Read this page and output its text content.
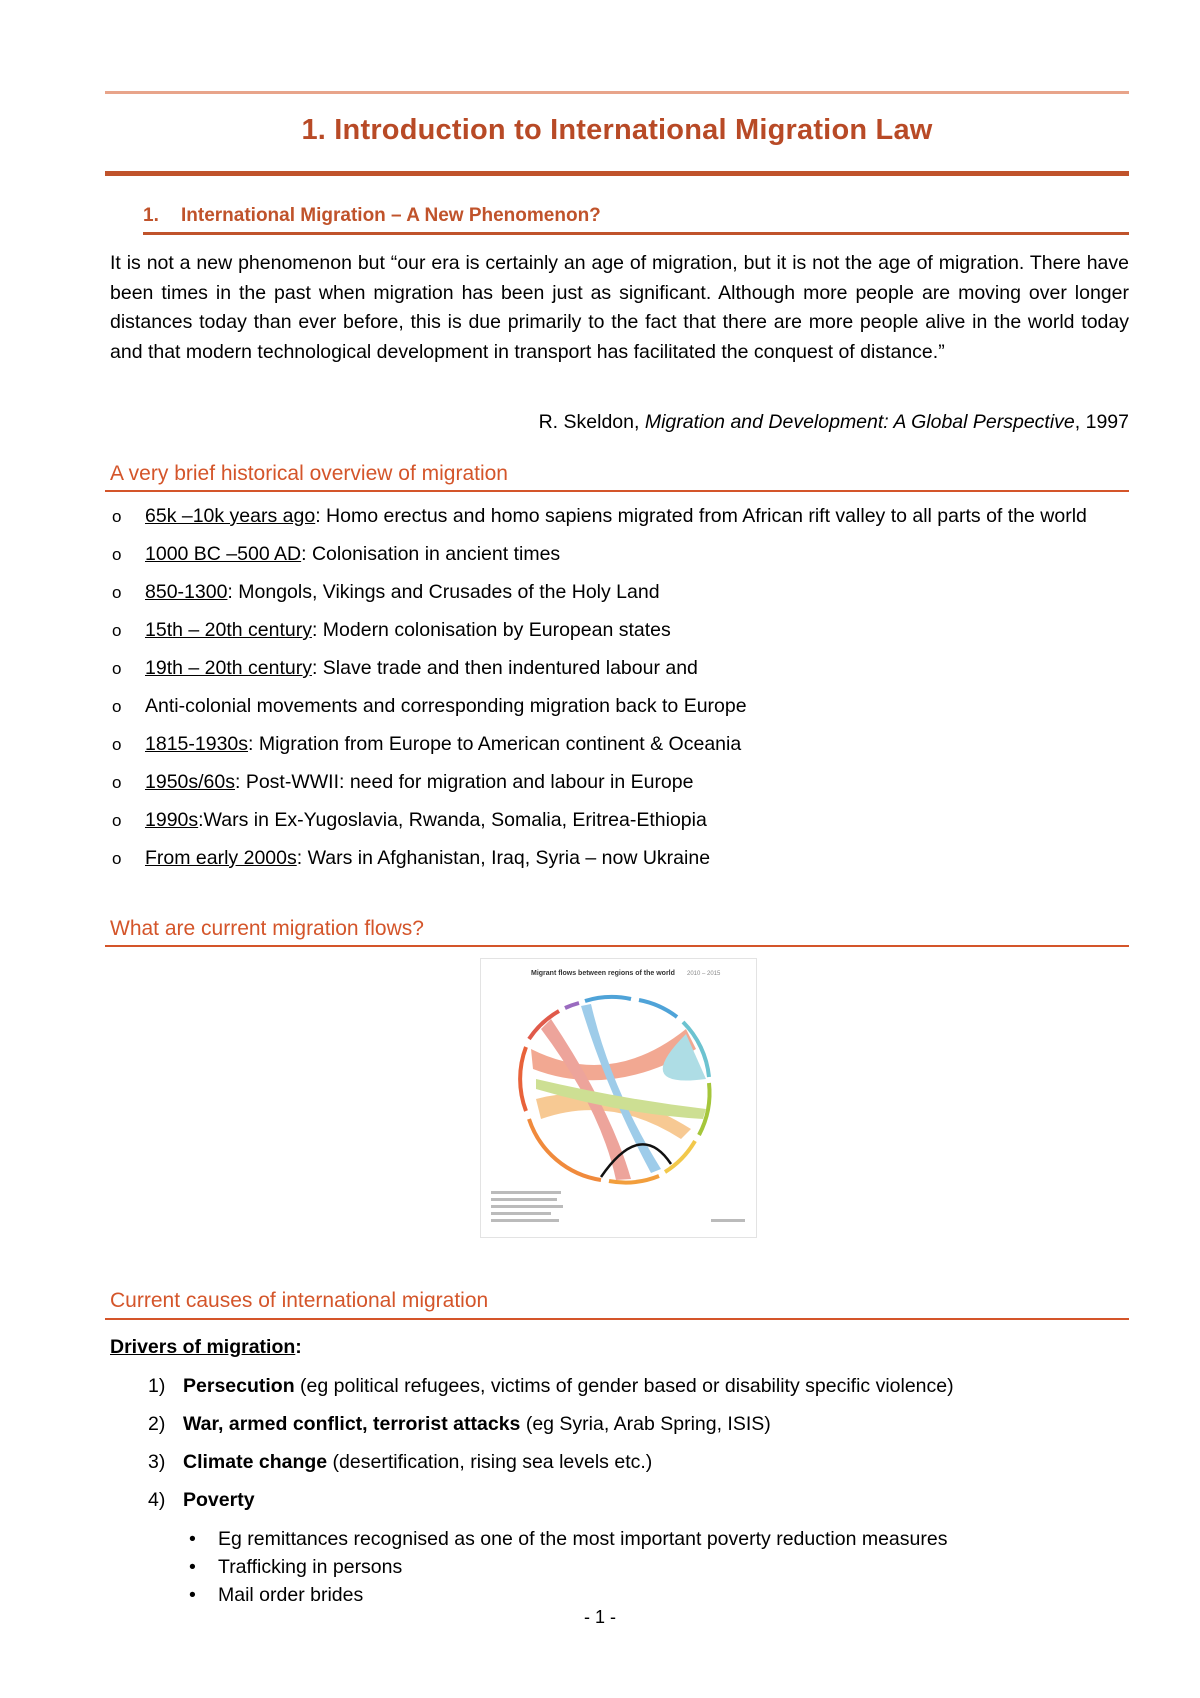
1. Introduction to International Migration Law
1. International Migration – A New Phenomenon?
It is not a new phenomenon but “our era is certainly an age of migration, but it is not the age of migration. There have been times in the past when migration has been just as significant. Although more people are moving over longer distances today than ever before, this is due primarily to the fact that there are more people alive in the world today and that modern technological development in transport has facilitated the conquest of distance.”
R. Skeldon, Migration and Development: A Global Perspective, 1997
A very brief historical overview of migration
o 65k –10k years ago: Homo erectus and homo sapiens migrated from African rift valley to all parts of the world
o 1000 BC –500 AD: Colonisation in ancient times
o 850-1300: Mongols, Vikings and Crusades of the Holy Land
o 15th – 20th century: Modern colonisation by European states
o 19th – 20th century: Slave trade and then indentured labour and
o Anti-colonial movements and corresponding migration back to Europe
o 1815-1930s: Migration from Europe to American continent & Oceania
o 1950s/60s: Post-WWII: need for migration and labour in Europe
o 1990s:Wars in Ex-Yugoslavia, Rwanda, Somalia, Eritrea-Ethiopia
o From early 2000s: Wars in Afghanistan, Iraq, Syria – now Ukraine
What are current migration flows?
Migrant flows between regions of the world 2010 – 2015
Current causes of international migration
Drivers of migration:
1) Persecution (eg political refugees, victims of gender based or disability specific violence)
2) War, armed conflict, terrorist attacks (eg Syria, Arab Spring, ISIS)
3) Climate change (desertification, rising sea levels etc.)
4) Poverty
• Eg remittances recognised as one of the most important poverty reduction measures
• Trafficking in persons
• Mail order brides
- 1 -
